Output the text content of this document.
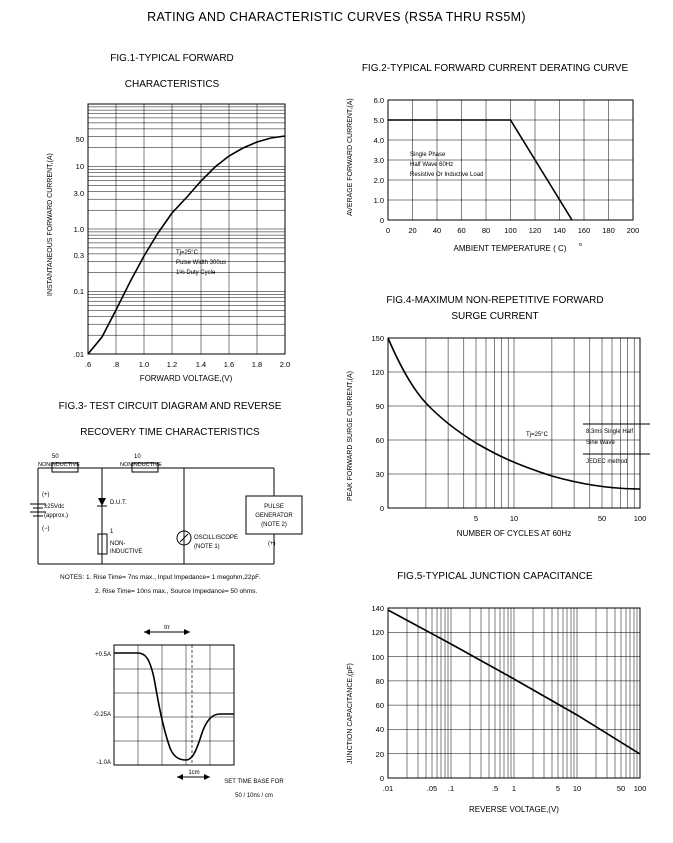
RATING AND CHARACTERISTIC CURVES (RS5A THRU RS5M)
FIG.1-TYPICAL FORWARD
CHARACTERISTICS
50
10
3.0
1.0
0.3
0.1
.01
.6	.8	1.0 1.2 1.4 1.6 1.8 2.0
FORWARD VOLTAGE,(V)
INSTANTANEOUS FORWARD CURRENT,(A)	Tj=25°C
Pulse Width 300us
1% Duty Cycle
FIG.2-TYPICAL FORWARD CURRENT DERATING CURVE
0
1.0
2.0
3.0
4.0
5.0
6.0
0 20 40 60 80 100 120 140 160 180 200
AMBIENT TEMPERATURE ( C) o
AVERAGE FORWARD CURRENT,(A)	Single Phase
Half Wave 60Hz
Resistive Or Inductive Load
FIG.3- TEST CIRCUIT DIAGRAM AND REVERSE
RECOVERY TIME CHARACTERISTICS
50
NONINDUCTIVE
10
NONINDUCTIVE
D.U.T.
1
NON-
INDUCTIVE
(+)
±25Vdc
(approx.)
(−)
PULSE
GENERATOR
(NOTE 2)
(+)
OSCILLISCOPE
(NOTE 1)
NOTES: 1. Rise Time= 7ns max., Input Impedance= 1 megohm,22pF.
2. Rise Time= 10ns max., Source Impedance= 50 ohms.
trr
1cm
+0.5A
-0.25A
-1.0A
SET TIME BASE FOR
50 / 10ns / cm
FIG.4-MAXIMUM NON-REPETITIVE FORWARD
SURGE CURRENT
0
30
60
90
120
150
5	10	50	100
NUMBER OF CYCLES AT 60Hz
PEAK FORWARD SURGE CURRENT,(A)	Tj=25°C	8.3ms Single Half
Sine Wave
JEDEC method
FIG.5-TYPICAL JUNCTION CAPACITANCE
0
20
40
60
80
100
120
140
.01	.05 .1	.5 1	5 10	50 100
REVERSE VOLTAGE,(V)
JUNCTION CAPACITANCE,(pF)
